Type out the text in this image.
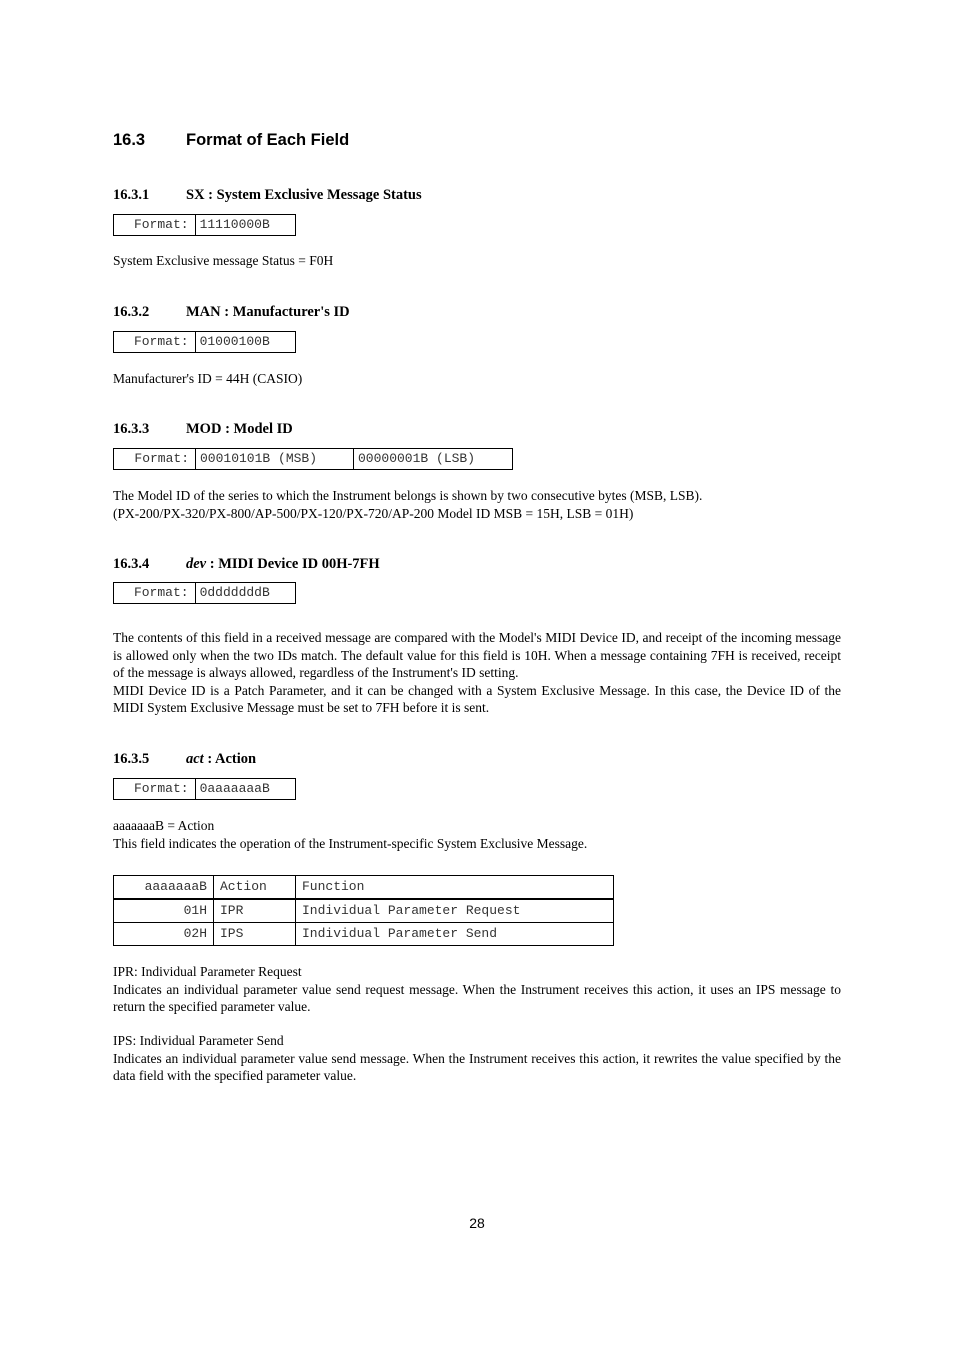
16.3 Format of Each Field
16.3.1	SX : System Exclusive Message Status
Format: 11110000B

System Exclusive message Status = F0H

16.3.2	MAN : Manufacturer's ID
Format: 01000100B

Manufacturer's ID = 44H (CASIO)

16.3.3	MOD : Model ID
Format: 00010101B (MSB)	00000001B (LSB)

The Model ID of the series to which the Instrument belongs is shown by two consecutive bytes (MSB, LSB).

(PX-200/PX-320/PX-800/AP-500/PX-120/PX-720/AP-200 Model ID MSB = 15H, LSB = 01H)

16.3.4	dev : MIDI Device ID 00H-7FH
Format: 0dddddddB

The contents of this field in a received message are compared with the Model's MIDI Device ID, and receipt of the incoming message is allowed only when the two IDs match. The default value for this field is 10H. When a message containing 7FH is received, receipt of the message is always allowed, regardless of the Instrument's ID setting.

MIDI Device ID is a Patch Parameter, and it can be changed with a System Exclusive Message. In this case, the Device ID of the MIDI System Exclusive Message must be set to 7FH before it is sent.

16.3.5	act : Action
Format: 0aaaaaaaB

aaaaaaaB = Action

This field indicates the operation of the Instrument-specific System Exclusive Message.

aaaaaaaB	Action	Function
01H	IPR	Individual Parameter Request
02H	IPS	Individual Parameter Send

IPR: Individual Parameter Request

Indicates an individual parameter value send request message. When the Instrument receives this action, it uses an IPS message to return the specified parameter value.

IPS: Individual Parameter Send

Indicates an individual parameter value send message. When the Instrument receives this action, it rewrites the value specified by the data field with the specified parameter value.

28
